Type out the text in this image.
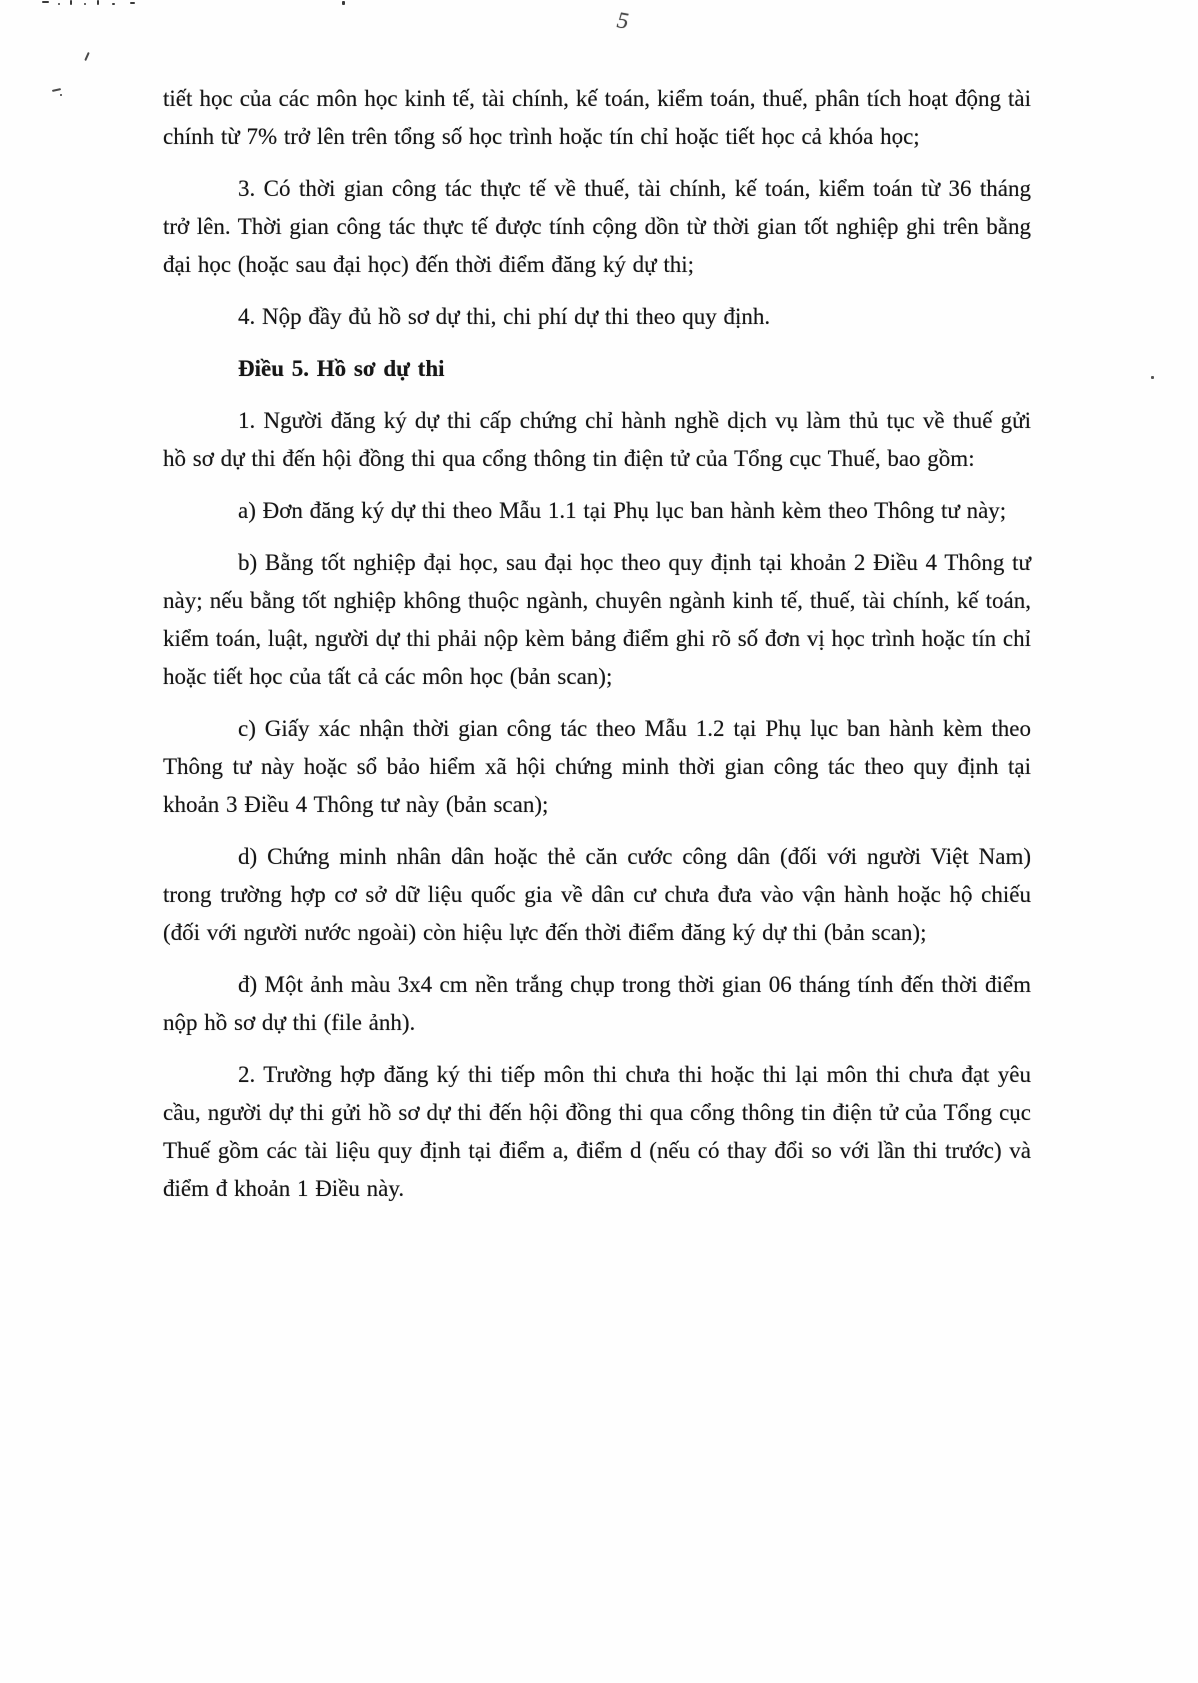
5

tiết học của các môn học kinh tế, tài chính, kế toán, kiểm toán, thuế, phân tích hoạt động tài chính từ 7% trở lên trên tổng số học trình hoặc tín chỉ hoặc tiết học cả khóa học;

3. Có thời gian công tác thực tế về thuế, tài chính, kế toán, kiểm toán từ 36 tháng trở lên. Thời gian công tác thực tế được tính cộng dồn từ thời gian tốt nghiệp ghi trên bằng đại học (hoặc sau đại học) đến thời điểm đăng ký dự thi;

4. Nộp đầy đủ hồ sơ dự thi, chi phí dự thi theo quy định.

Điều 5. Hồ sơ dự thi

1. Người đăng ký dự thi cấp chứng chỉ hành nghề dịch vụ làm thủ tục về thuế gửi hồ sơ dự thi đến hội đồng thi qua cổng thông tin điện tử của Tổng cục Thuế, bao gồm:

a) Đơn đăng ký dự thi theo Mẫu 1.1 tại Phụ lục ban hành kèm theo Thông tư này;

b) Bằng tốt nghiệp đại học, sau đại học theo quy định tại khoản 2 Điều 4 Thông tư này; nếu bằng tốt nghiệp không thuộc ngành, chuyên ngành kinh tế, thuế, tài chính, kế toán, kiểm toán, luật, người dự thi phải nộp kèm bảng điểm ghi rõ số đơn vị học trình hoặc tín chỉ hoặc tiết học của tất cả các môn học (bản scan);

c) Giấy xác nhận thời gian công tác theo Mẫu 1.2 tại Phụ lục ban hành kèm theo Thông tư này hoặc sổ bảo hiểm xã hội chứng minh thời gian công tác theo quy định tại khoản 3 Điều 4 Thông tư này (bản scan);

d) Chứng minh nhân dân hoặc thẻ căn cước công dân (đối với người Việt Nam) trong trường hợp cơ sở dữ liệu quốc gia về dân cư chưa đưa vào vận hành hoặc hộ chiếu (đối với người nước ngoài) còn hiệu lực đến thời điểm đăng ký dự thi (bản scan);

đ) Một ảnh màu 3x4 cm nền trắng chụp trong thời gian 06 tháng tính đến thời điểm nộp hồ sơ dự thi (file ảnh).

2. Trường hợp đăng ký thi tiếp môn thi chưa thi hoặc thi lại môn thi chưa đạt yêu cầu, người dự thi gửi hồ sơ dự thi đến hội đồng thi qua cổng thông tin điện tử của Tổng cục Thuế gồm các tài liệu quy định tại điểm a, điểm d (nếu có thay đổi so với lần thi trước) và điểm đ khoản 1 Điều này.
